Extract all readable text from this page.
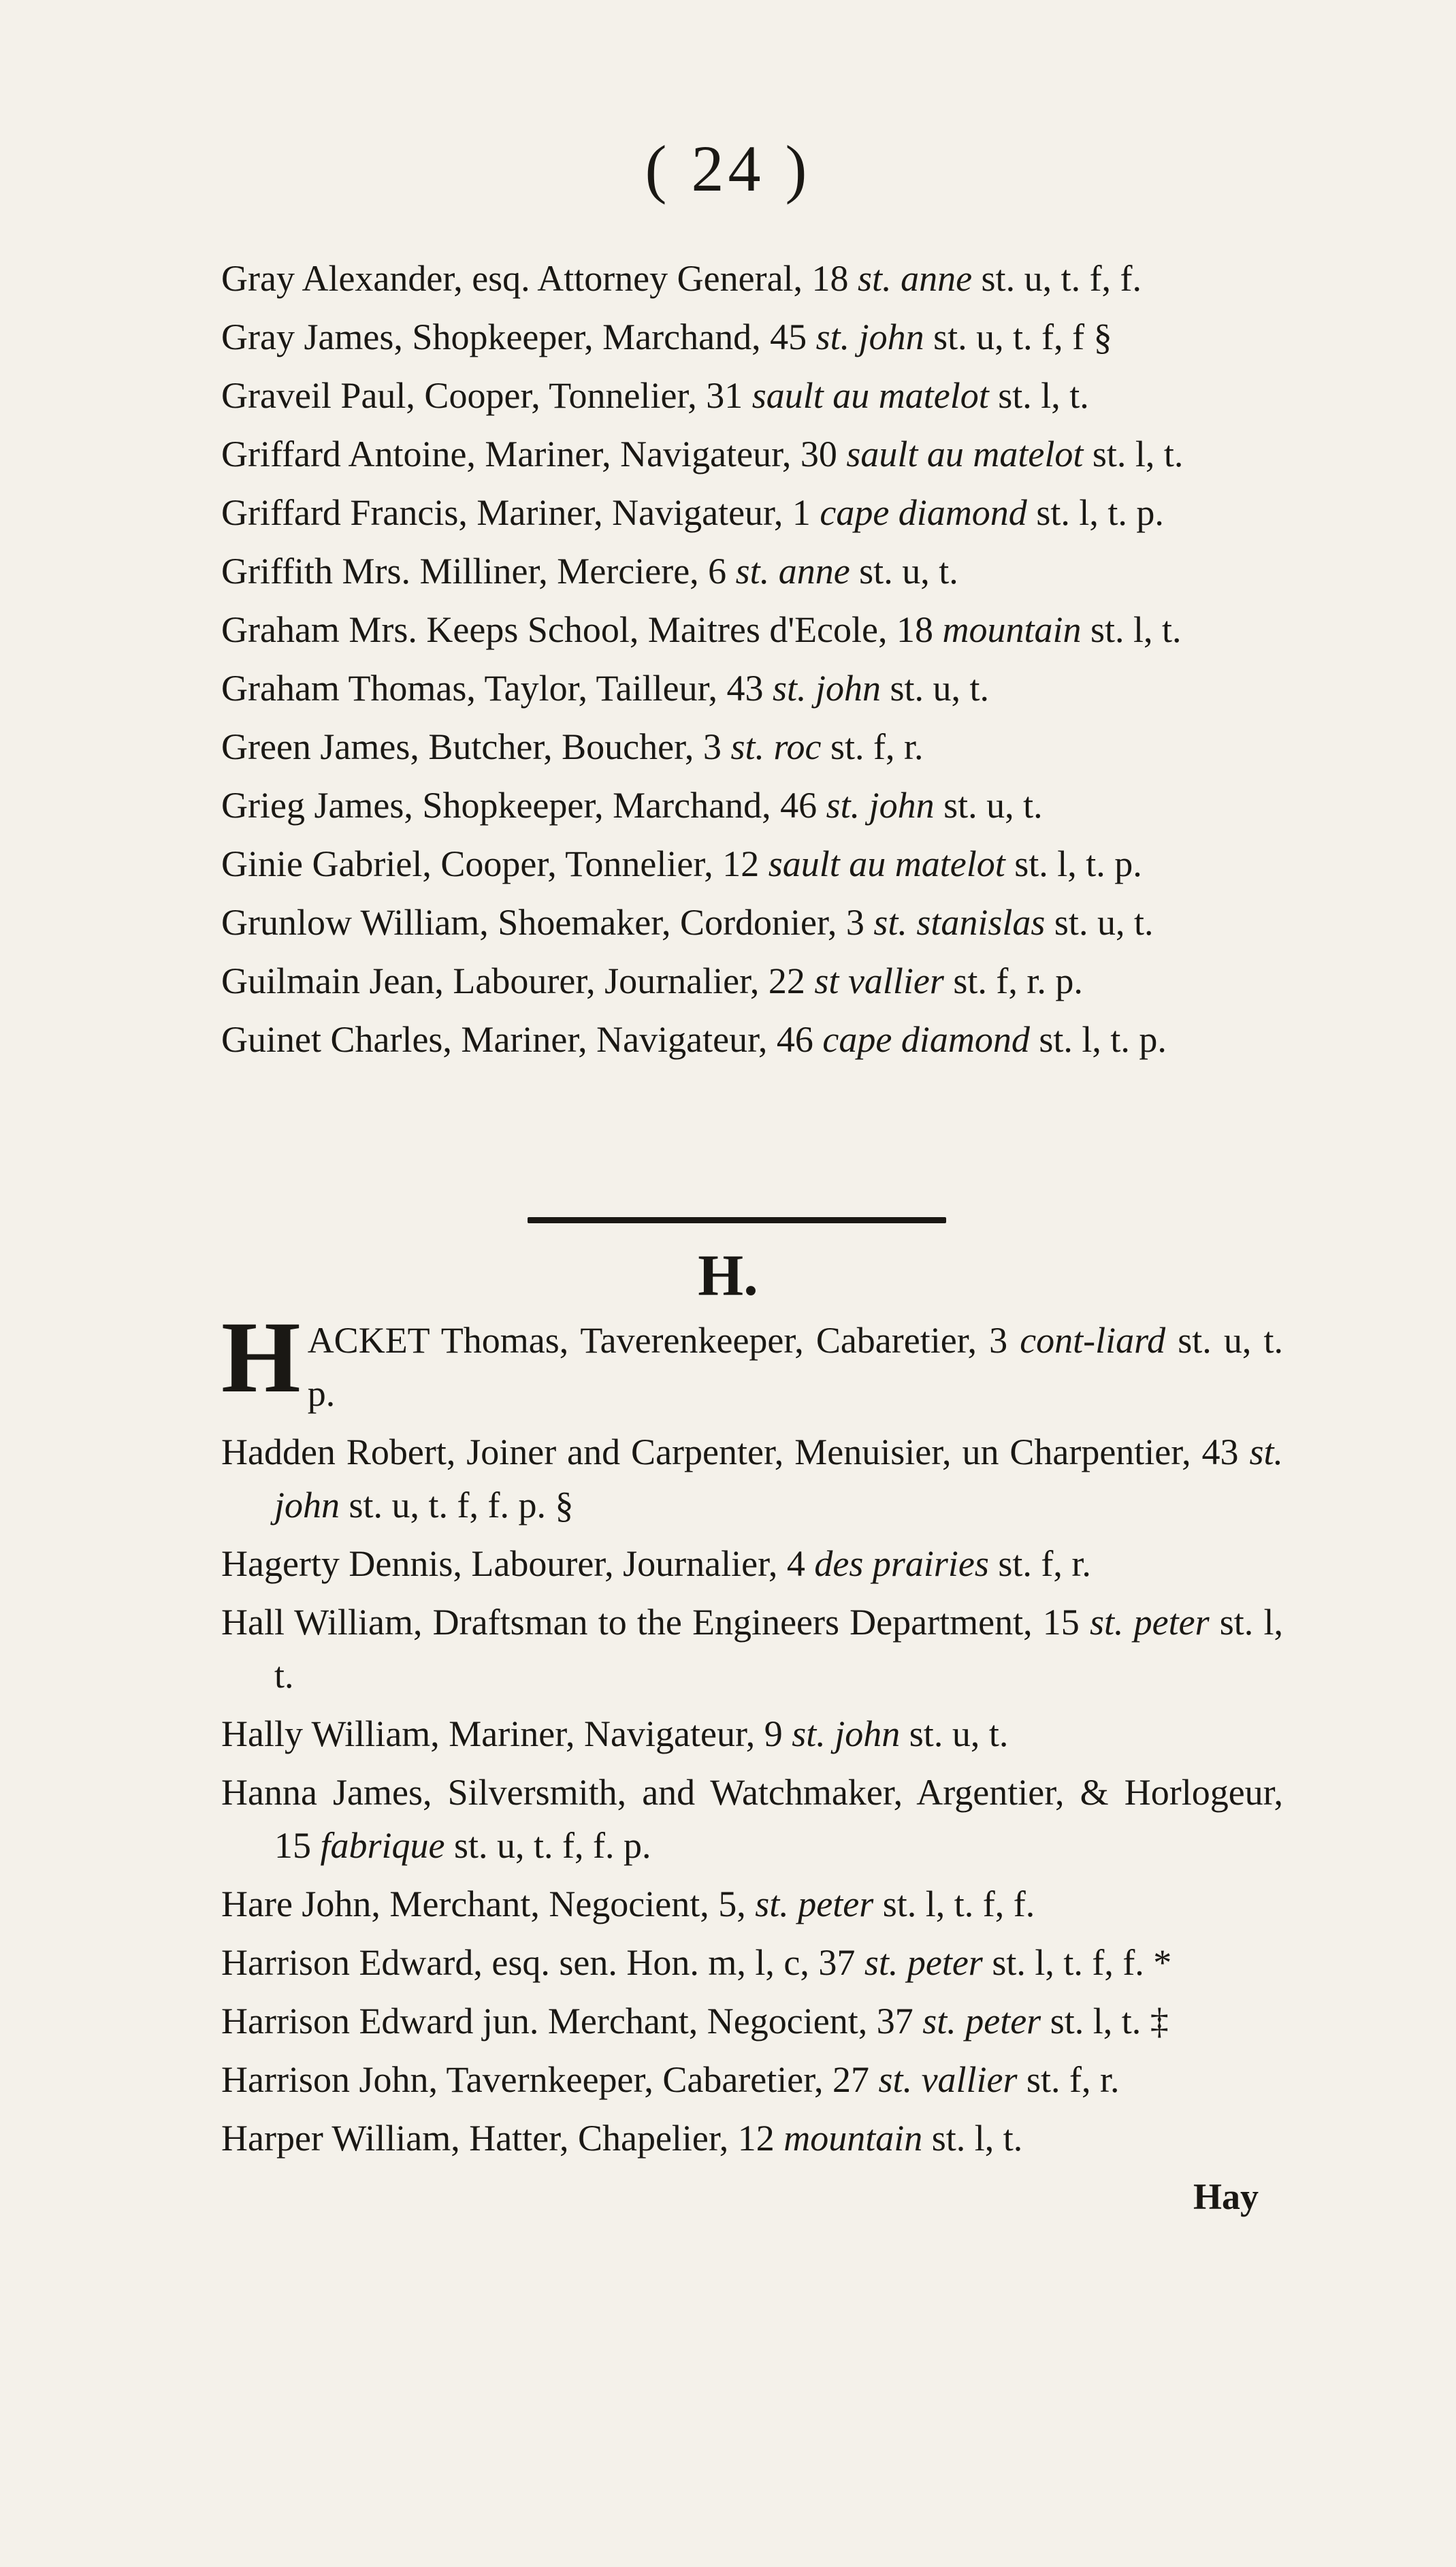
( 24 )

Gray Alexander, esq. Attorney General, 18 st. anne st. u, t. f, f.

Gray James, Shopkeeper, Marchand, 45 st. john st. u, t. f, f §

Graveil Paul, Cooper, Tonnelier, 31 sault au matelot st. l, t.

Griffard Antoine, Mariner, Navigateur, 30 sault au matelot st. l, t.

Griffard Francis, Mariner, Navigateur, 1 cape diamond st. l, t. p.

Griffith Mrs. Milliner, Merciere, 6 st. anne st. u, t.

Graham Mrs. Keeps School, Maitres d'Ecole, 18 mountain st. l, t.

Graham Thomas, Taylor, Tailleur, 43 st. john st. u, t.

Green James, Butcher, Boucher, 3 st. roc st. f, r.

Grieg James, Shopkeeper, Marchand, 46 st. john st. u, t.

Ginie Gabriel, Cooper, Tonnelier, 12 sault au matelot st. l, t. p.

Grunlow William, Shoemaker, Cordonier, 3 st. stanislas st. u, t.

Guilmain Jean, Labourer, Journalier, 22 st vallier st. f, r. p.

Guinet Charles, Mariner, Navigateur, 46 cape diamond st. l, t. p.

H.

HACKET Thomas, Taverenkeeper, Cabaretier, 3 cont-liard st. u, t. p.

Hadden Robert, Joiner and Carpenter, Menuisier, un Charpentier, 43 st. john st. u, t. f, f. p. §

Hagerty Dennis, Labourer, Journalier, 4 des prairies st. f, r.

Hall William, Draftsman to the Engineers Department, 15 st. peter st. l, t.

Hally William, Mariner, Navigateur, 9 st. john st. u, t.

Hanna James, Silversmith, and Watchmaker, Argentier, & Horlogeur, 15 fabrique st. u, t. f, f. p.

Hare John, Merchant, Negocient, 5, st. peter st. l, t. f, f.

Harrison Edward, esq. sen. Hon. m, l, c, 37 st. peter st. l, t. f, f. *

Harrison Edward jun. Merchant, Negocient, 37 st. peter st. l, t. ‡

Harrison John, Tavernkeeper, Cabaretier, 27 st. vallier st. f, r.

Harper William, Hatter, Chapelier, 12 mountain st. l, t.

Hay
